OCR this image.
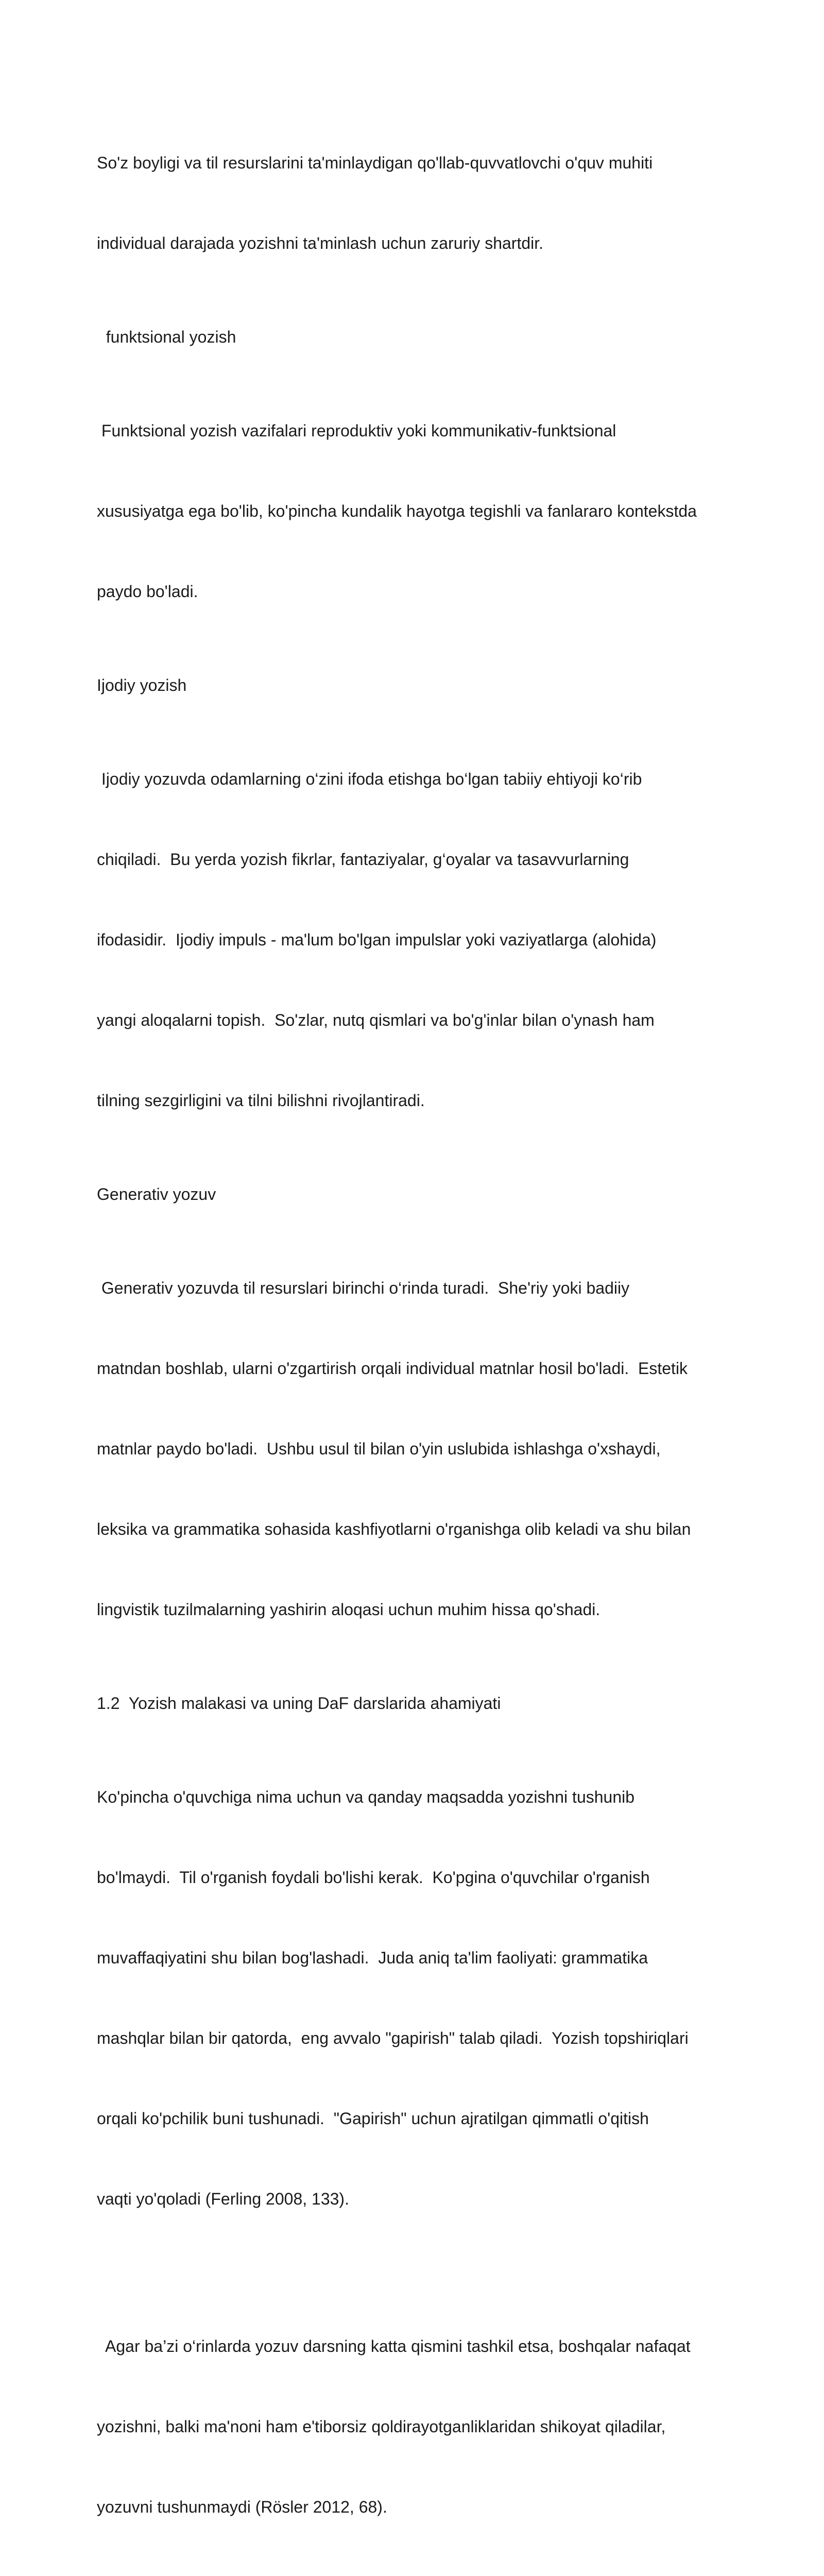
So'z boyligi va til resurslarini ta'minlaydigan qo'llab-quvvatlovchi o'quv muhiti

individual darajada yozishni ta'minlash uchun zaruriy shartdir.

funktsional yozish

Funktsional yozish vazifalari reproduktiv yoki kommunikativ-funktsional

xususiyatga ega bo'lib, ko'pincha kundalik hayotga tegishli va fanlararo kontekstda

paydo bo'ladi.

Ijodiy yozish

Ijodiy yozuvda odamlarning o‘zini ifoda etishga bo‘lgan tabiiy ehtiyoji ko‘rib

chiqiladi.  Bu yerda yozish fikrlar, fantaziyalar, g‘oyalar va tasavvurlarning

ifodasidir.  Ijodiy impuls - ma'lum bo'lgan impulslar yoki vaziyatlarga (alohida)

yangi aloqalarni topish.  So'zlar, nutq qismlari va bo'g'inlar bilan o'ynash ham

tilning sezgirligini va tilni bilishni rivojlantiradi.

Generativ yozuv

Generativ yozuvda til resurslari birinchi o‘rinda turadi.  She'riy yoki badiiy

matndan boshlab, ularni o'zgartirish orqali individual matnlar hosil bo'ladi.  Estetik

matnlar paydo bo'ladi.  Ushbu usul til bilan o'yin uslubida ishlashga o'xshaydi,

leksika va grammatika sohasida kashfiyotlarni o'rganishga olib keladi va shu bilan

lingvistik tuzilmalarning yashirin aloqasi uchun muhim hissa qo'shadi.

1.2  Yozish malakasi va uning DaF darslarida ahamiyati

Ko'pincha o'quvchiga nima uchun va qanday maqsadda yozishni tushunib

bo'lmaydi.  Til o'rganish foydali bo'lishi kerak.  Ko'pgina o'quvchilar o'rganish

muvaffaqiyatini shu bilan bog'lashadi.  Juda aniq ta'lim faoliyati: grammatika

mashqlar bilan bir qatorda,  eng avvalo "gapirish" talab qiladi.  Yozish topshiriqlari

orqali ko'pchilik buni tushunadi.  "Gapirish" uchun ajratilgan qimmatli o'qitish

vaqti yo'qoladi (Ferling 2008, 133).

Agar ba’zi o‘rinlarda yozuv darsning katta qismini tashkil etsa, boshqalar nafaqat

yozishni, balki ma'noni ham e'tiborsiz qoldirayotganliklaridan shikoyat qiladilar,

yozuvni tushunmaydi (Rösler 2012, 68).
